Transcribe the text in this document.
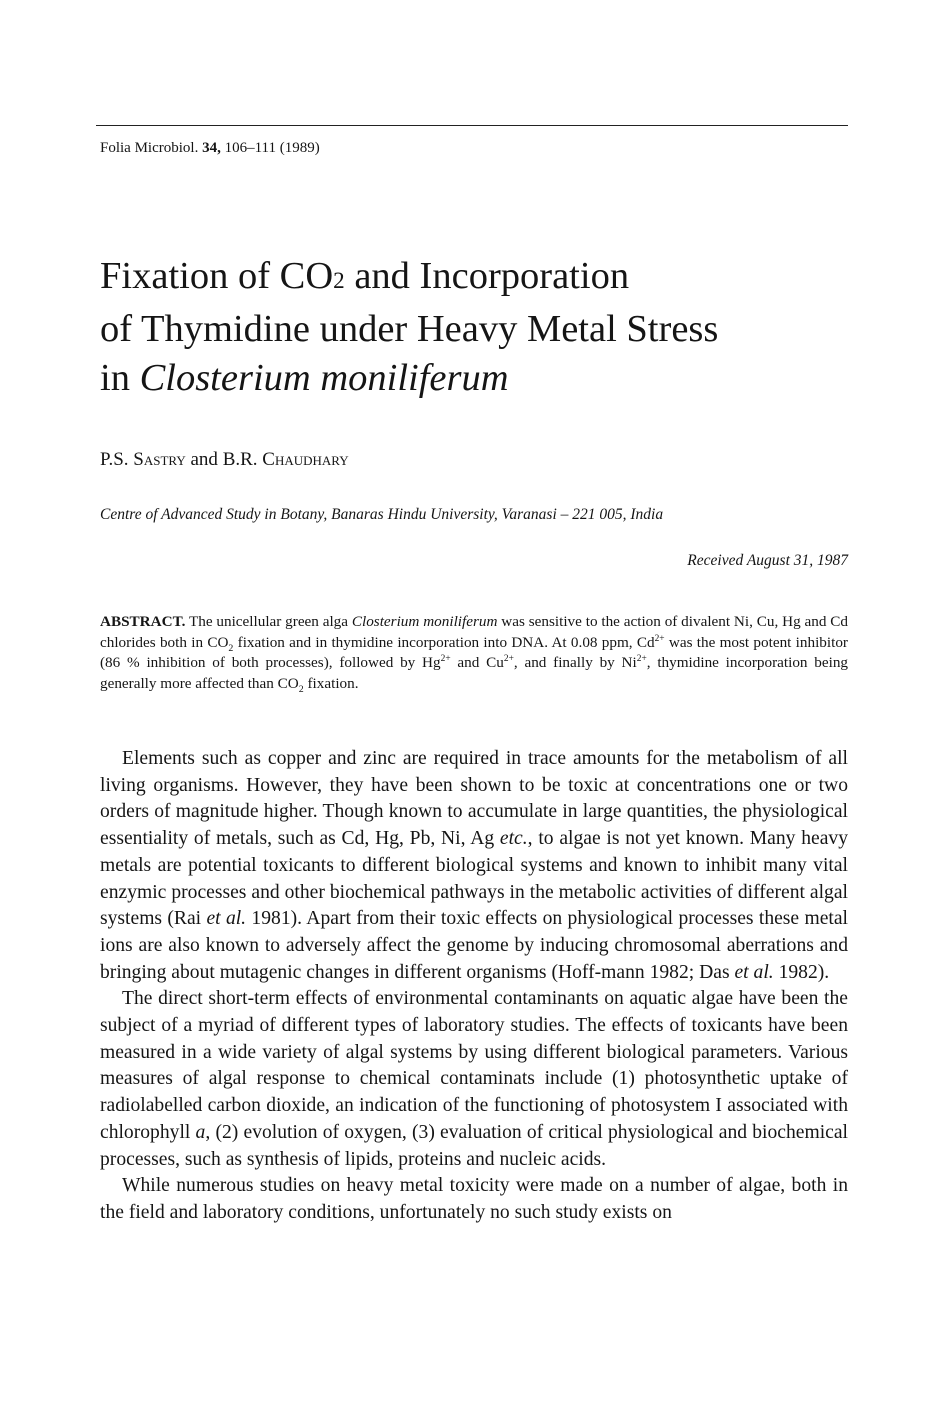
Folia Microbiol. 34, 106–111 (1989)
Fixation of $CO_2$ and Incorporation
of Thymidine under Heavy Metal Stress
in Closterium moniliferum
P.S. Sastry and B.R. Chaudhary
Centre of Advanced Study in Botany, Banaras Hindu University, Varanasi – 221 005, India
Received August 31, 1987
ABSTRACT. The unicellular green alga Closterium moniliferum was sensitive to the action of divalent Ni, Cu, Hg and Cd chlorides both in $CO_2$ fixation and in thymidine incorporation into DNA. At 0.08 ppm, $Cd^{2+}$ was the most potent inhibitor (86 % inhibition of both processes), followed by $Hg^{2+}$ and $Cu^{2+}$, and finally by $Ni^{2+}$, thymidine incorporation being generally more affected than $CO_2$ fixation.

Elements such as copper and zinc are required in trace amounts for the metabolism of all living organisms. However, they have been shown to be toxic at concentrations one or two orders of magnitude higher. Though known to accumulate in large quantities, the physiological essentiality of metals, such as Cd, Hg, Pb, Ni, Ag etc., to algae is not yet known. Many heavy metals are potential toxicants to different biological systems and known to inhibit many vital enzymic processes and other biochemical pathways in the metabolic activities of different algal systems (Rai et al. 1981). Apart from their toxic effects on physiological processes these metal ions are also known to adversely affect the genome by inducing chromosomal aberrations and bringing about mutagenic changes in different organisms (Hoff-mann 1982; Das et al. 1982).

The direct short-term effects of environmental contaminants on aquatic algae have been the subject of a myriad of different types of laboratory studies. The effects of toxicants have been measured in a wide variety of algal systems by using different biological parameters. Various measures of algal response to chemical contaminats include (1) photosynthetic uptake of radiolabelled carbon dioxide, an indication of the functioning of photosystem I associated with chlorophyll a, (2) evolution of oxygen, (3) evaluation of critical physiological and biochemical processes, such as synthesis of lipids, proteins and nucleic acids.

While numerous studies on heavy metal toxicity were made on a number of algae, both in the field and laboratory conditions, unfortunately no such study exists on
